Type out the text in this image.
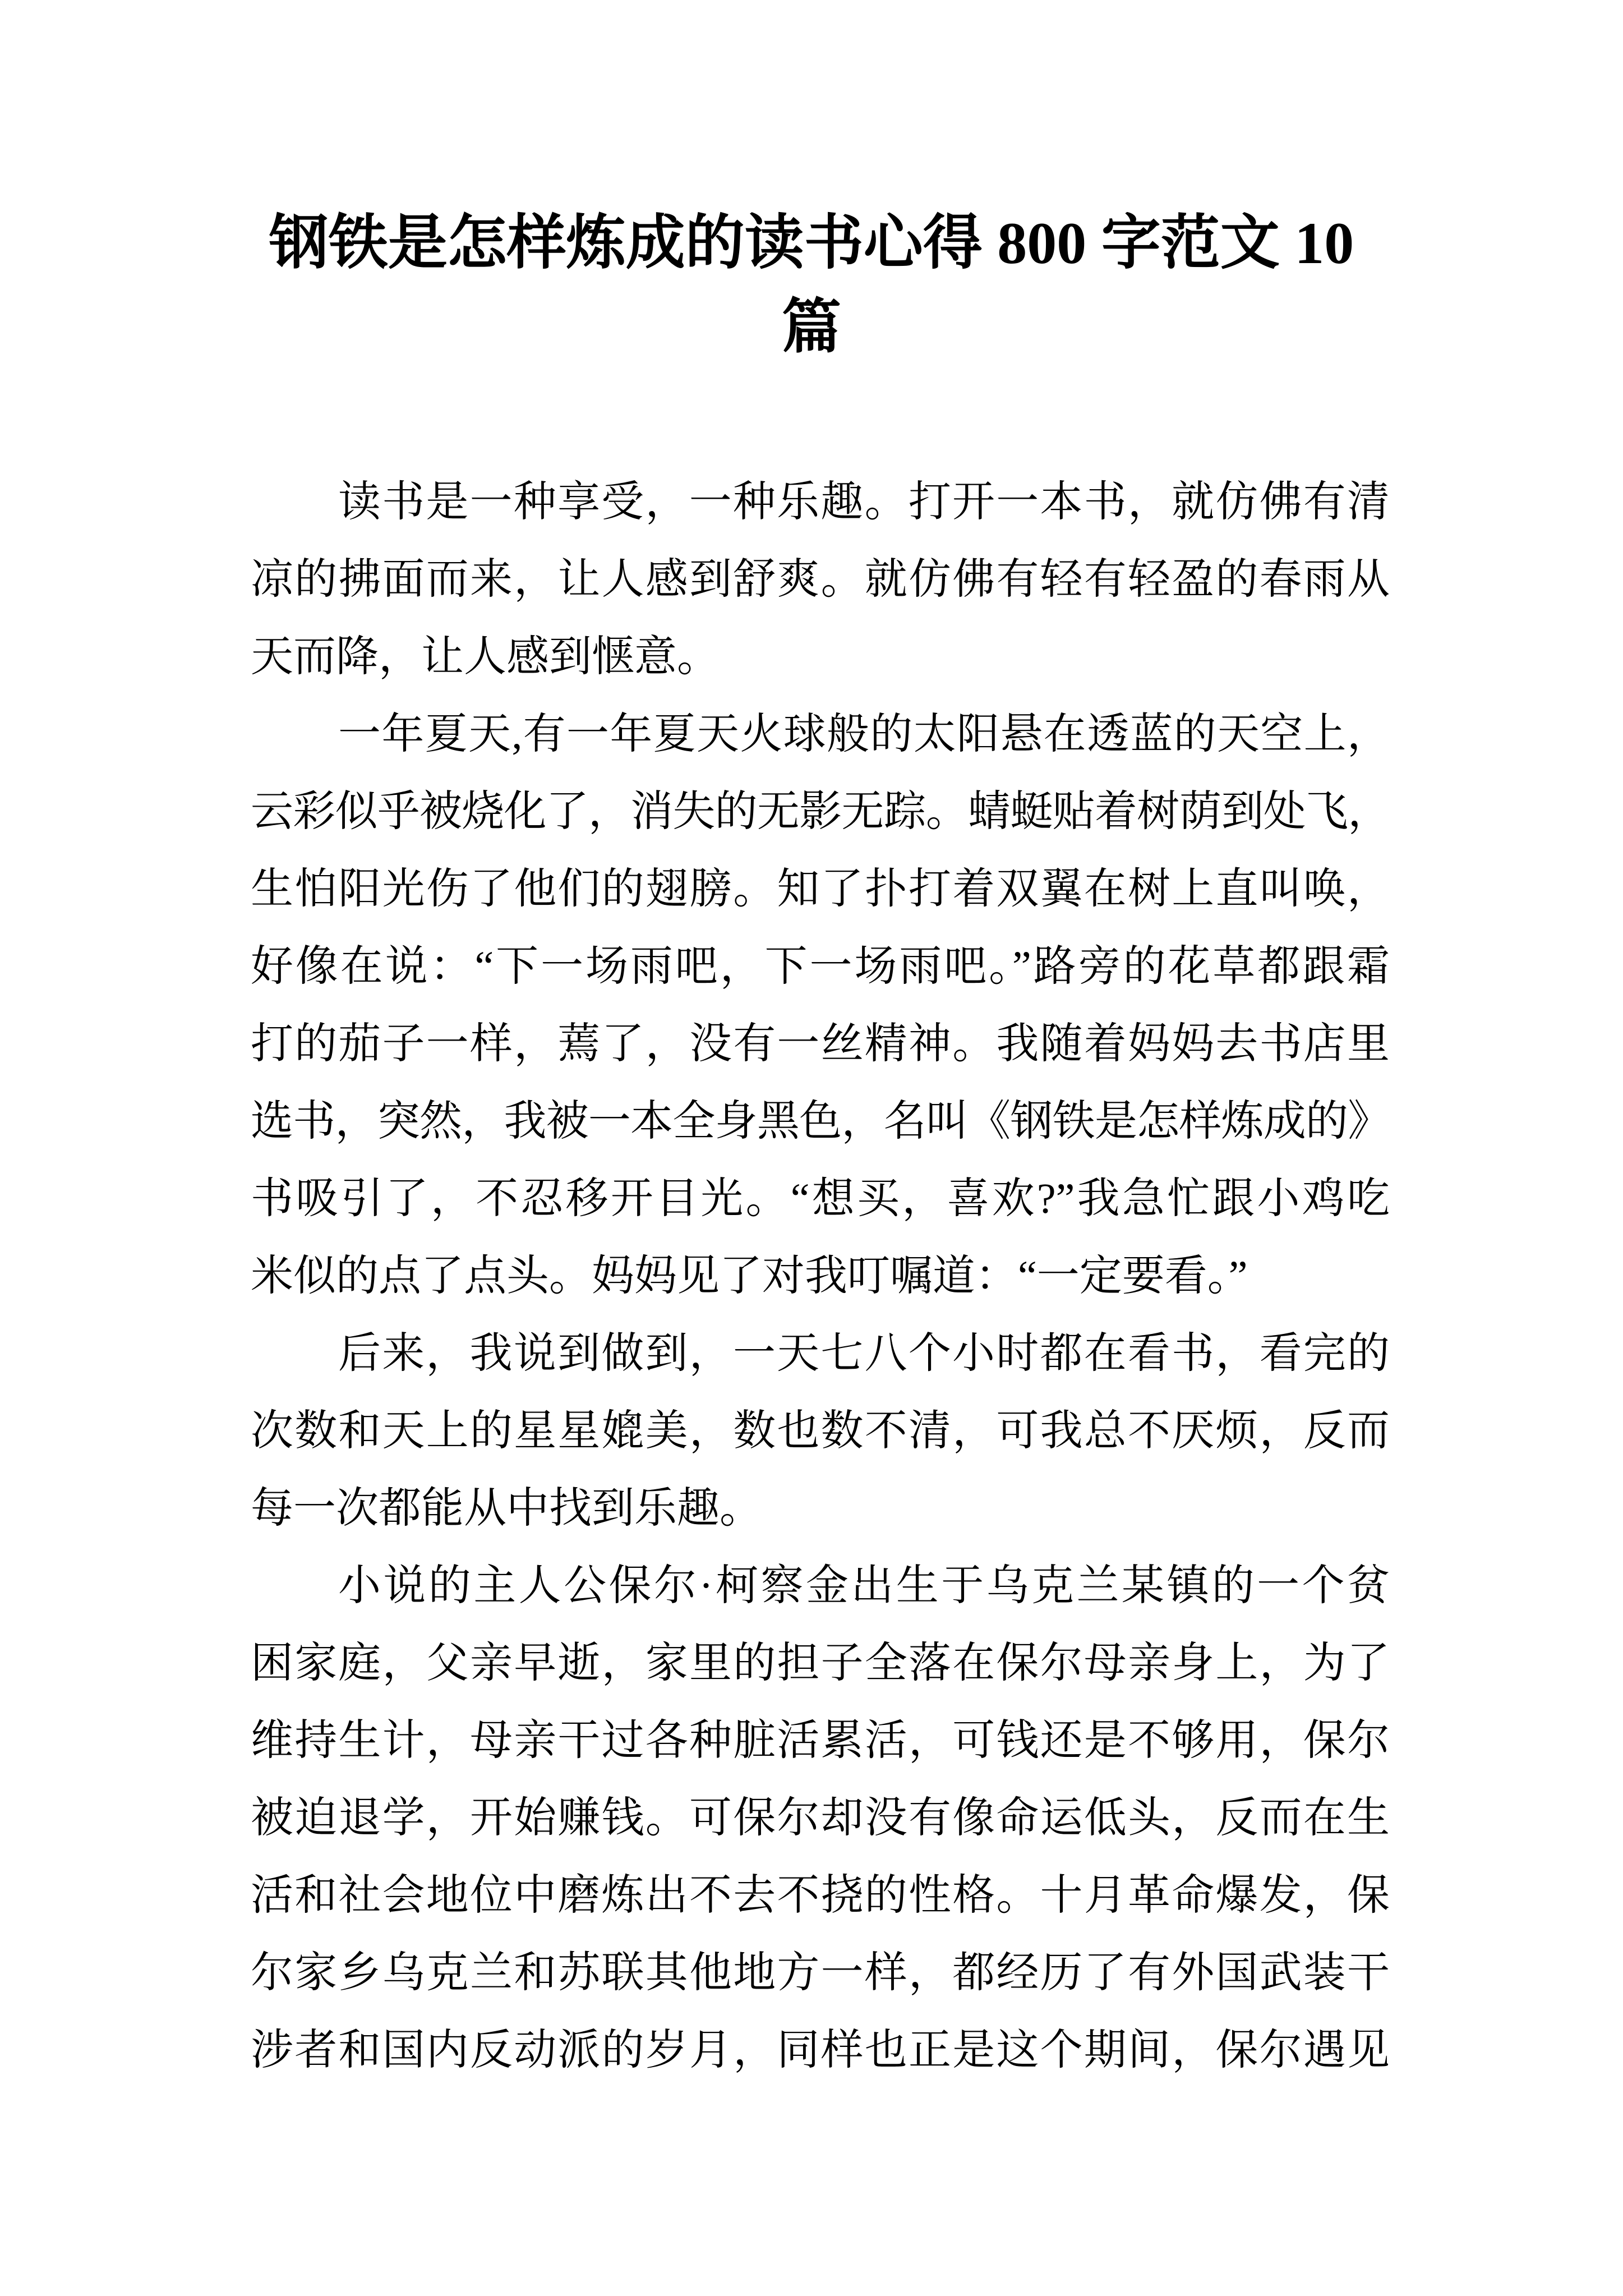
钢铁是怎样炼成的读书心得 800 字范文 10
篇
读书是一种享受，一种乐趣。打开一本书，就仿佛有清
凉的拂面而来，让人感到舒爽。就仿佛有轻有轻盈的春雨从
天而降，让人感到惬意。
一年夏天,有一年夏天火球般的太阳悬在透蓝的天空上，
云彩似乎被烧化了，消失的无影无踪。蜻蜓贴着树荫到处飞，
生怕阳光伤了他们的翅膀。知了扑打着双翼在树上直叫唤，
好像在说：“下一场雨吧，下一场雨吧。”路旁的花草都跟霜
打的茄子一样，蔫了，没有一丝精神。我随着妈妈去书店里
选书，突然，我被一本全身黑色，名叫《钢铁是怎样炼成的》
书吸引了，不忍移开目光。“想买，喜欢?”我急忙跟小鸡吃
米似的点了点头。妈妈见了对我叮嘱道：“一定要看。”
后来，我说到做到，一天七八个小时都在看书，看完的
次数和天上的星星媲美，数也数不清，可我总不厌烦，反而
每一次都能从中找到乐趣。
小说的主人公保尔·柯察金出生于乌克兰某镇的一个贫
困家庭，父亲早逝，家里的担子全落在保尔母亲身上，为了
维持生计，母亲干过各种脏活累活，可钱还是不够用，保尔
被迫退学，开始赚钱。可保尔却没有像命运低头，反而在生
活和社会地位中磨炼出不去不挠的性格。十月革命爆发，保
尔家乡乌克兰和苏联其他地方一样，都经历了有外国武装干
涉者和国内反动派的岁月，同样也正是这个期间，保尔遇见
